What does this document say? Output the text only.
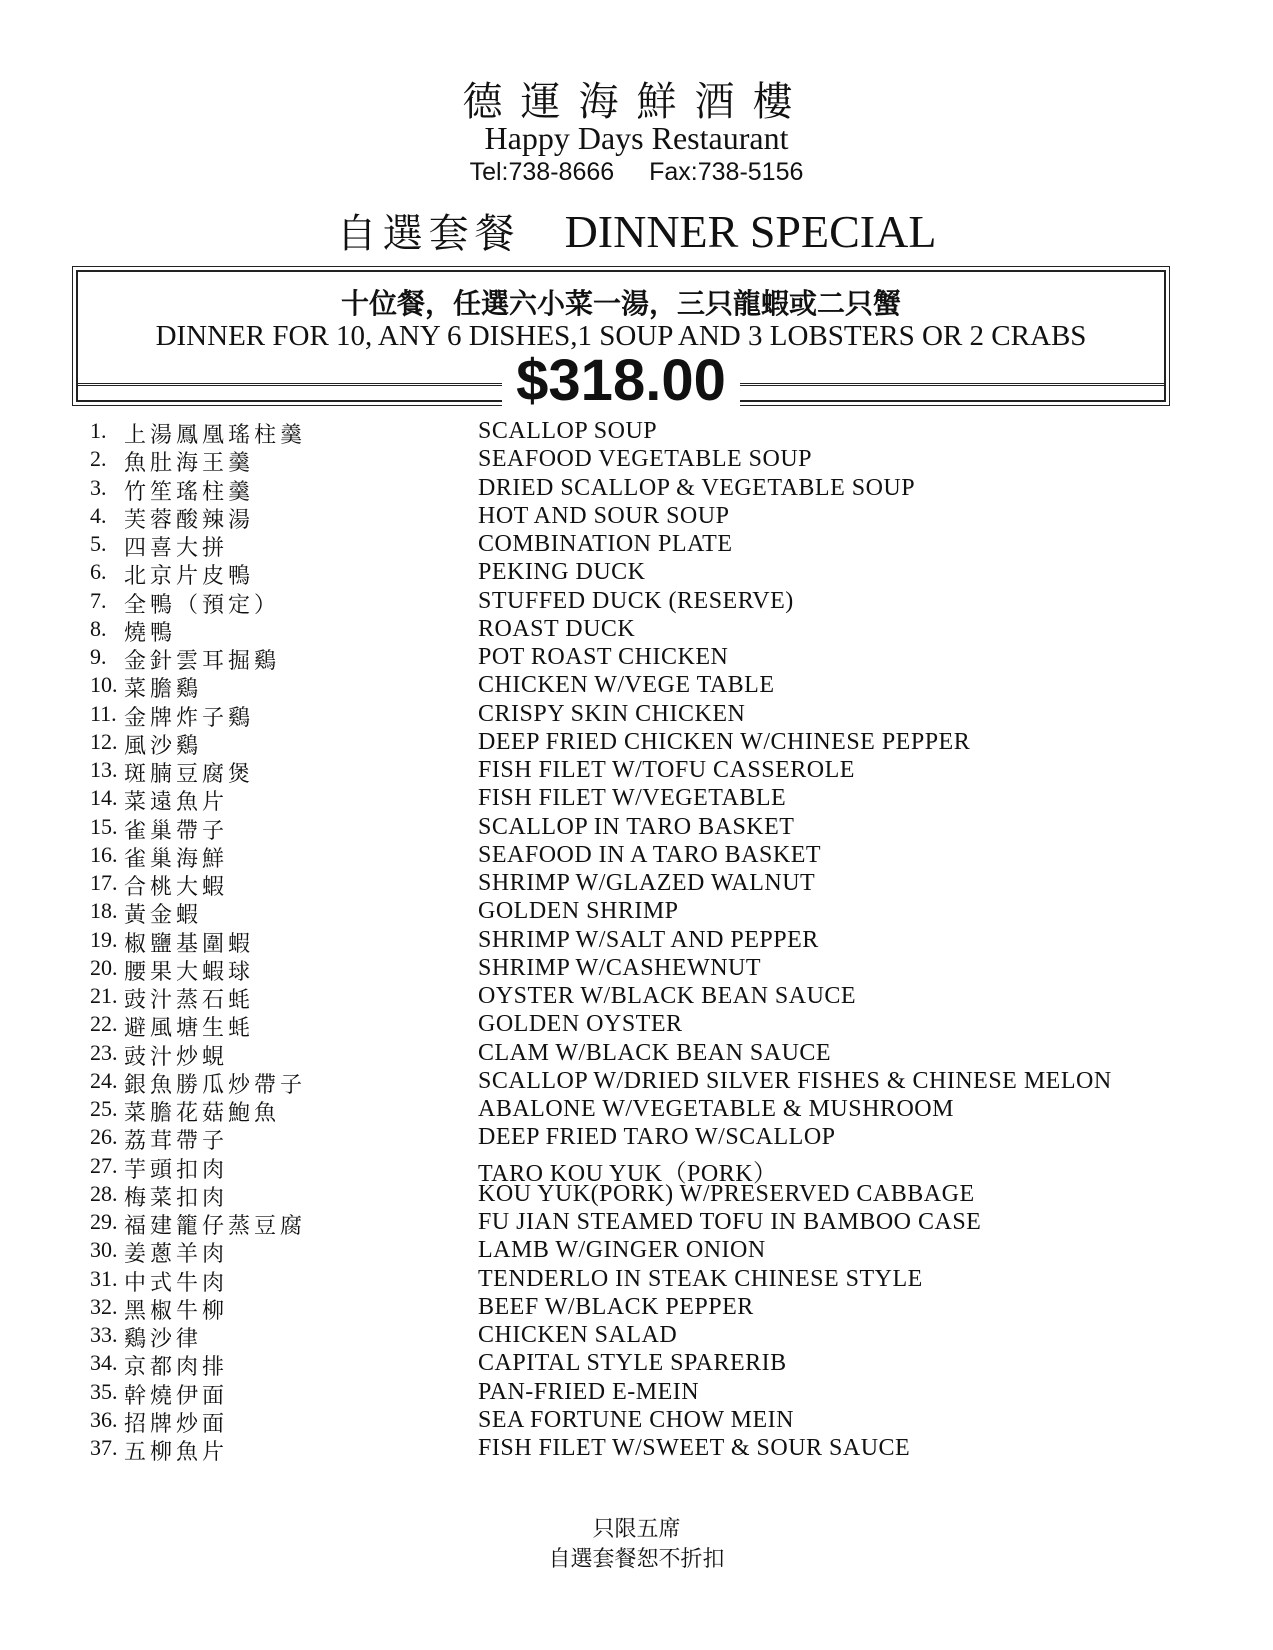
德運海鮮酒樓
Happy Days Restaurant
Tel:738-8666 Fax:738-5156
自選套餐 DINNER SPECIAL
十位餐，任選六小菜一湯，三只龍蝦或二只蟹
DINNER FOR 10, ANY 6 DISHES,1 SOUP AND 3 LOBSTERS OR 2 CRABS
$318.00
1. 上湯鳳凰瑤柱羹	SCALLOP SOUP
2. 魚肚海王羹	SEAFOOD VEGETABLE SOUP
3. 竹笙瑤柱羹	DRIED SCALLOP & VEGETABLE SOUP
4. 芙蓉酸辣湯	HOT AND SOUR SOUP
5. 四喜大拼	COMBINATION PLATE
6. 北京片皮鴨	PEKING DUCK
7. 全鴨（預定）	STUFFED DUCK (RESERVE)
8. 燒鴨	ROAST DUCK
9. 金針雲耳掘鷄	POT ROAST CHICKEN
10. 菜膽鷄	CHICKEN W/VEGE TABLE
11. 金牌炸子鷄	CRISPY SKIN CHICKEN
12. 風沙鷄	DEEP FRIED CHICKEN W/CHINESE PEPPER
13. 斑腩豆腐煲	FISH FILET W/TOFU CASSEROLE
14. 菜遠魚片	FISH FILET W/VEGETABLE
15. 雀巢帶子	SCALLOP IN TARO BASKET
16. 雀巢海鮮	SEAFOOD IN A TARO BASKET
17. 合桃大蝦	SHRIMP W/GLAZED WALNUT
18. 黃金蝦	GOLDEN SHRIMP
19. 椒鹽基圍蝦	SHRIMP W/SALT AND PEPPER
20. 腰果大蝦球	SHRIMP W/CASHEWNUT
21. 豉汁蒸石蚝	OYSTER W/BLACK BEAN SAUCE
22. 避風塘生蚝	GOLDEN OYSTER
23. 豉汁炒蜆	CLAM W/BLACK BEAN SAUCE
24. 銀魚勝瓜炒帶子	SCALLOP W/DRIED SILVER FISHES & CHINESE MELON
25. 菜膽花菇鮑魚	ABALONE W/VEGETABLE & MUSHROOM
26. 荔茸帶子	DEEP FRIED TARO W/SCALLOP
27. 芋頭扣肉	TARO KOU YUK（PORK）
28. 梅菜扣肉	KOU YUK(PORK) W/PRESERVED CABBAGE
29. 福建籠仔蒸豆腐	FU JIAN STEAMED TOFU IN BAMBOO CASE
30. 姜蔥羊肉	LAMB W/GINGER ONION
31. 中式牛肉	TENDERLO IN STEAK CHINESE STYLE
32. 黑椒牛柳	BEEF W/BLACK PEPPER
33. 鷄沙律	CHICKEN SALAD
34. 京都肉排	CAPITAL STYLE SPARERIB
35. 幹燒伊面	PAN-FRIED E-MEIN
36. 招牌炒面	SEA FORTUNE CHOW MEIN
37. 五柳魚片	FISH FILET W/SWEET & SOUR SAUCE
只限五席
自選套餐恕不折扣
